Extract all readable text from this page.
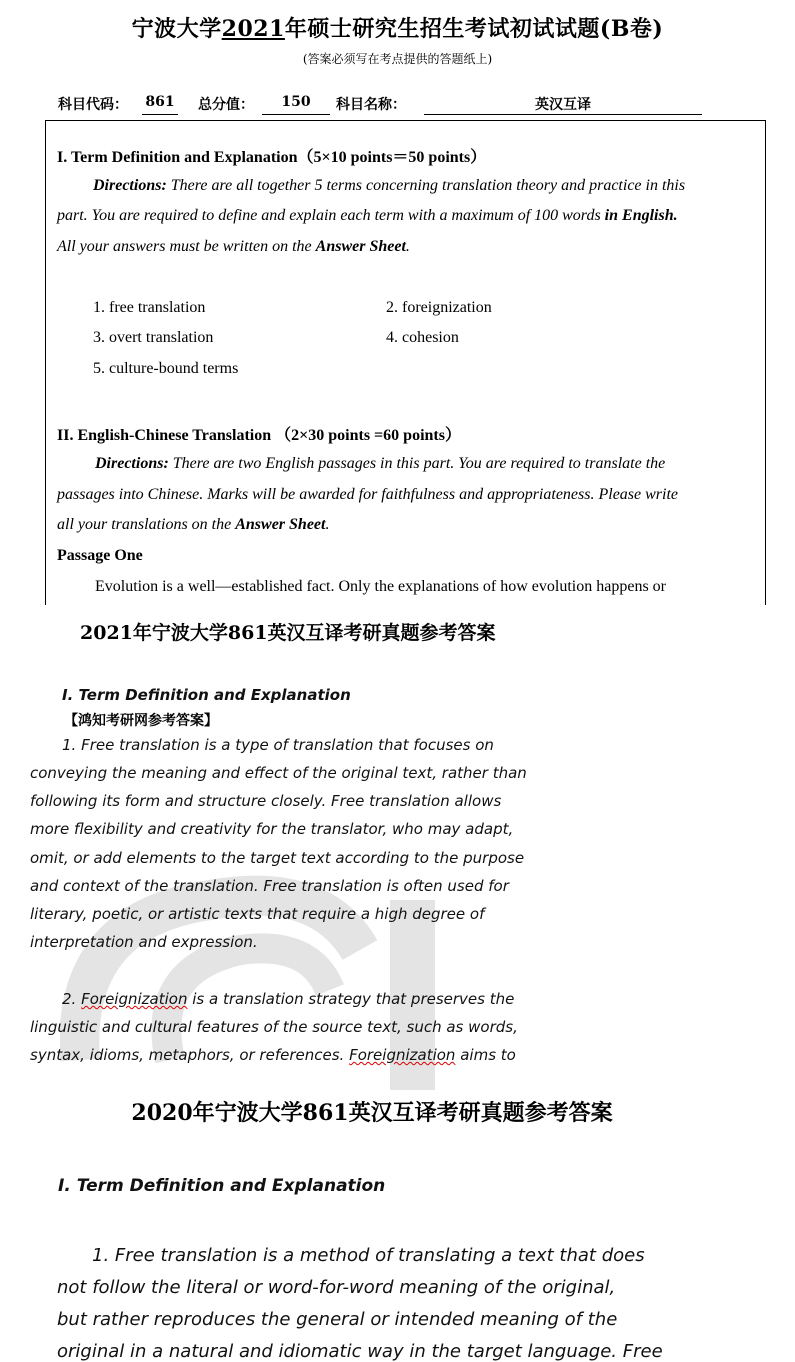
宁波大学2021年硕士研究生招生考试初试试题(B卷)
(答案必须写在考点提供的答题纸上)
科目代码： 861 总分值：	150	科目名称：	英汉互译
I. Term Definition and Explanation（5×10 points＝50 points）
Directions: There are all together 5 terms concerning translation theory and practice in this
part. You are required to define and explain each term with a maximum of 100 words in English.
All your answers must be written on the Answer Sheet.
1. free translation	2. foreignization
3. overt translation	4. cohesion
5. culture-bound terms
II. English-Chinese Translation （2×30 points =60 points）
Directions: There are two English passages in this part. You are required to translate the
passages into Chinese. Marks will be awarded for faithfulness and appropriateness. Please write
all your translations on the Answer Sheet.
Passage One
Evolution is a well—established fact. Only the explanations of how evolution happens or
2021年宁波大学861英汉互译考研真题参考答案
I. Term Definition and Explanation
【鸿知考研网参考答案】
1. Free translation is a type of translation that focuses on
conveying the meaning and effect of the original text, rather than
following its form and structure closely. Free translation allows
more flexibility and creativity for the translator, who may adapt,
omit, or add elements to the target text according to the purpose
and context of the translation. Free translation is often used for
literary, poetic, or artistic texts that require a high degree of
interpretation and expression.
2. Foreignization is a translation strategy that preserves the
linguistic and cultural features of the source text, such as words,
syntax, idioms, metaphors, or references. Foreignization aims to
2020年宁波大学861英汉互译考研真题参考答案
I. Term Definition and Explanation
1. Free translation is a method of translating a text that does
not follow the literal or word-for-word meaning of the original,
but rather reproduces the general or intended meaning of the
original in a natural and idiomatic way in the target language. Free
